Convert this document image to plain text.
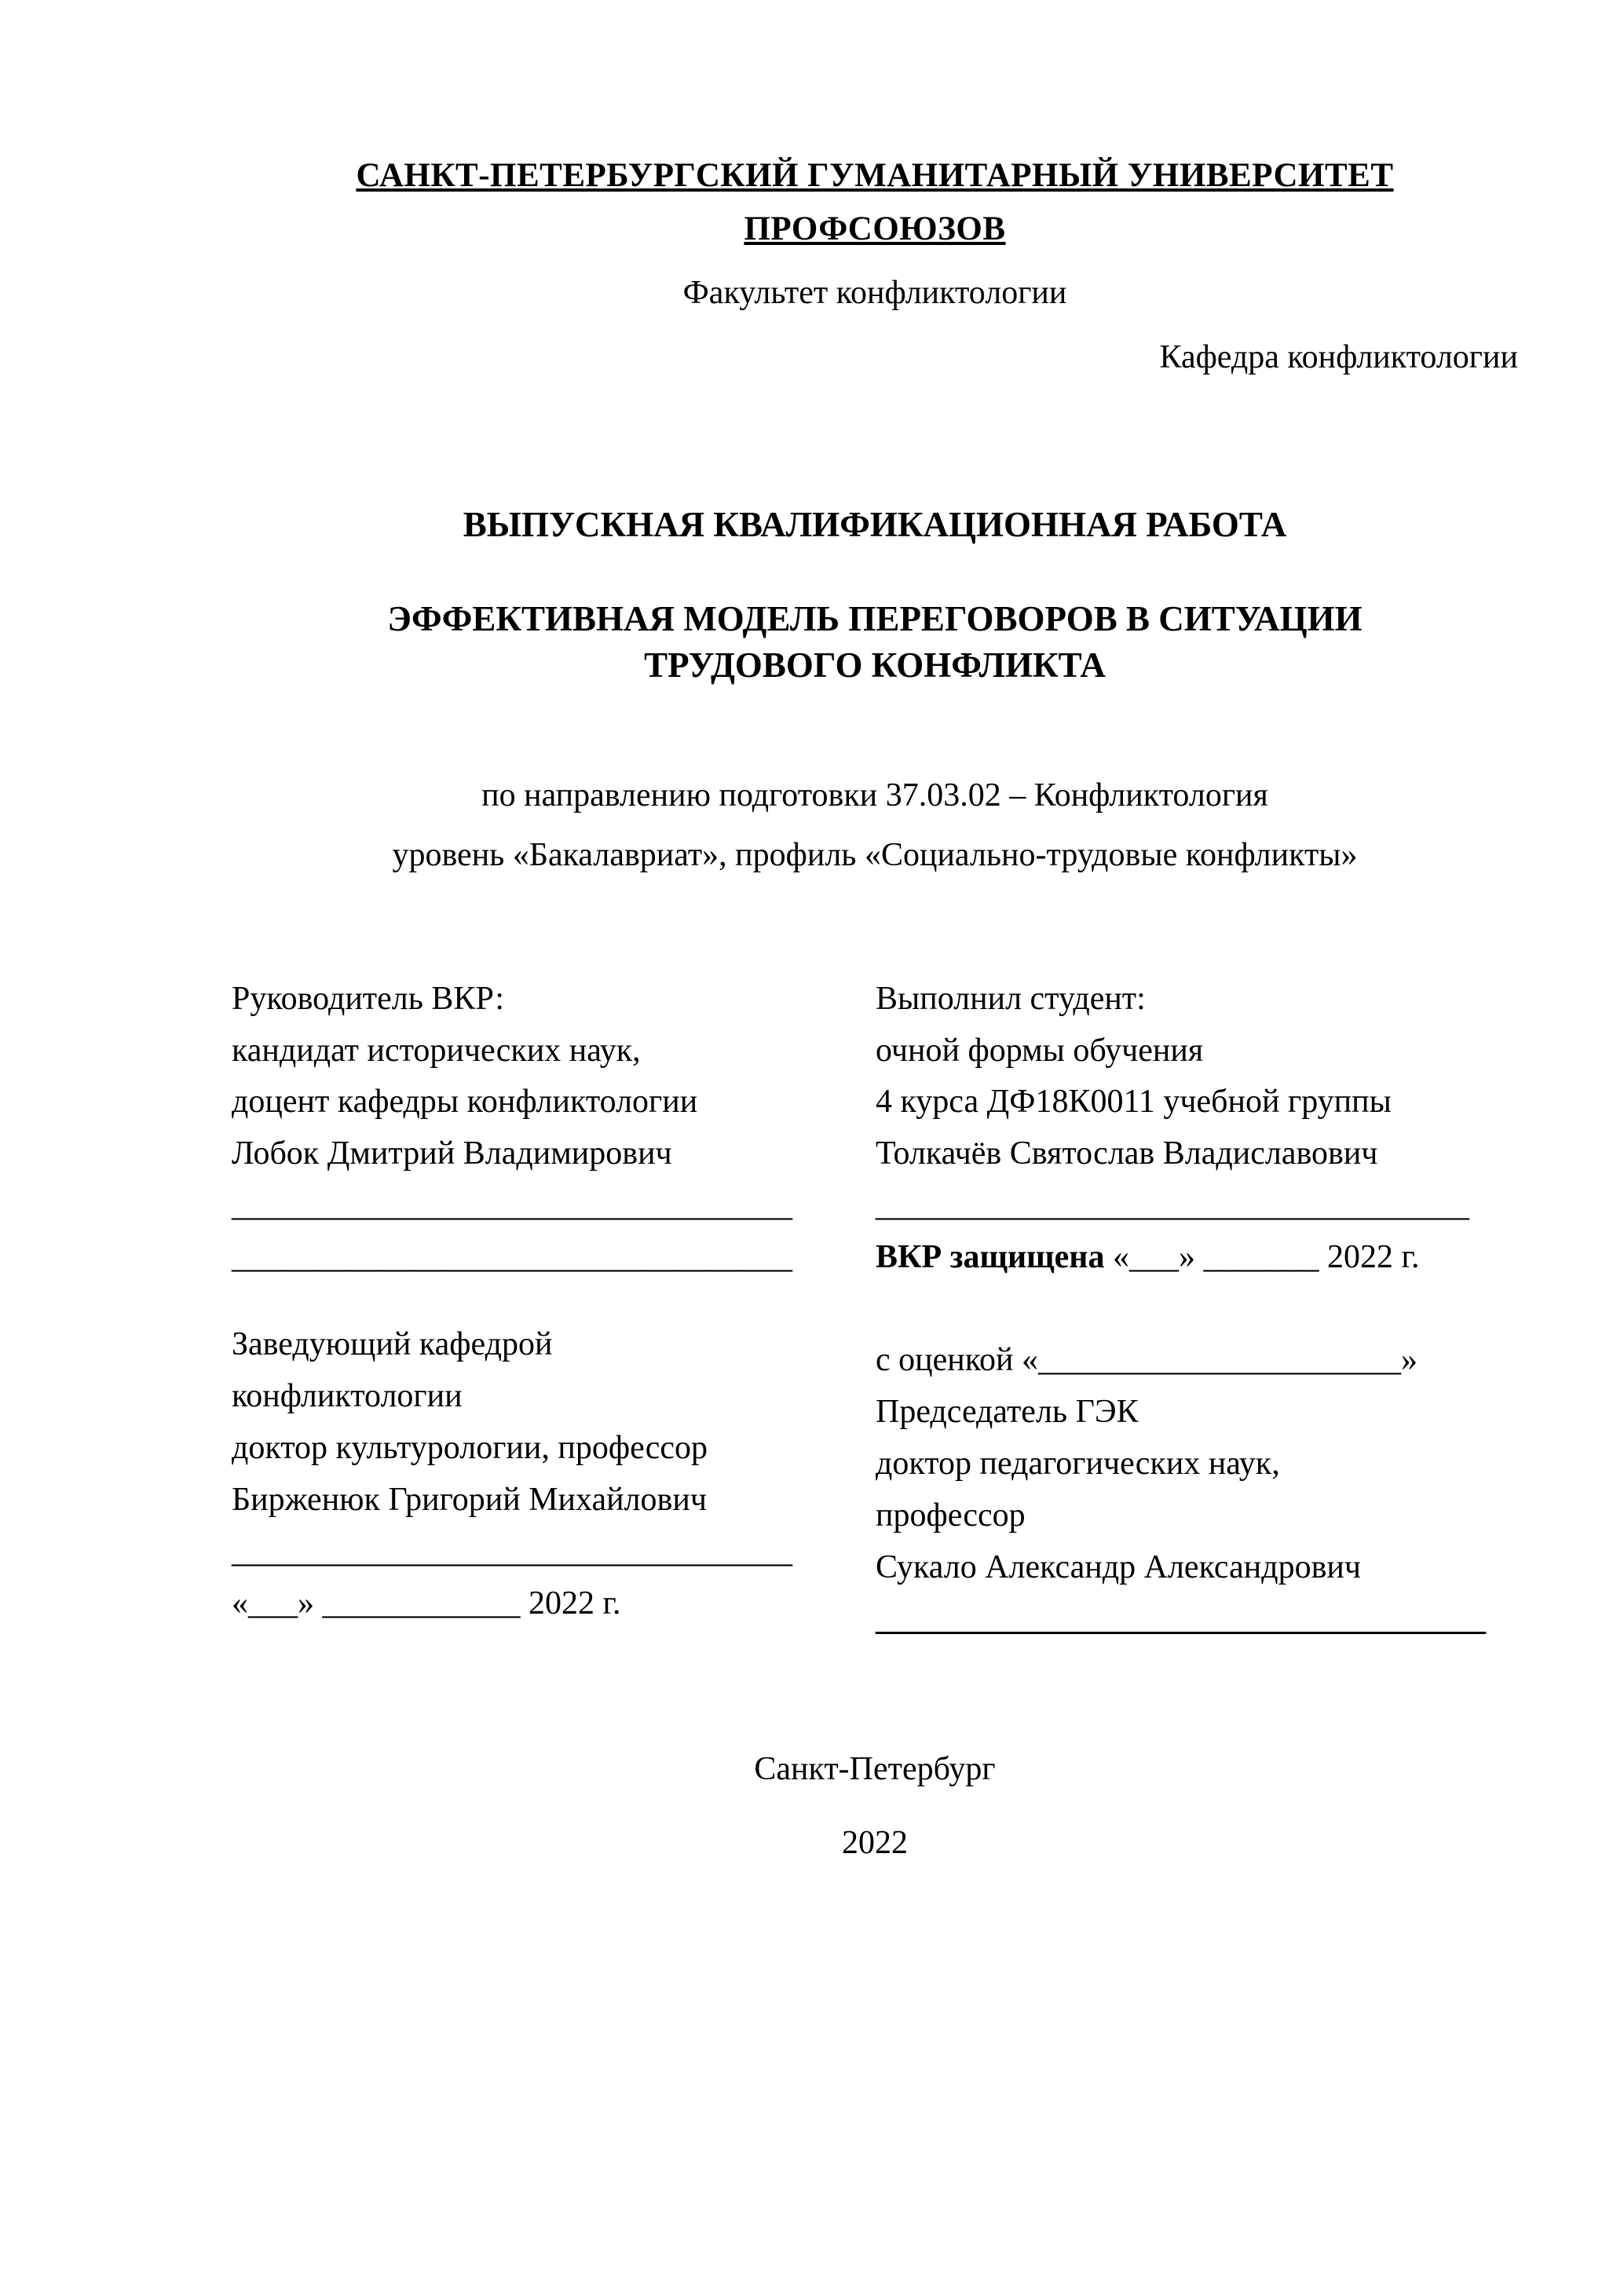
САНКТ-ПЕТЕРБУРГСКИЙ ГУМАНИТАРНЫЙ УНИВЕРСИТЕТ ПРОФСОЮЗОВ
Факультет конфликтологии
Кафедра конфликтологии
ВЫПУСКНАЯ КВАЛИФИКАЦИОННАЯ РАБОТА
ЭФФЕКТИВНАЯ МОДЕЛЬ ПЕРЕГОВОРОВ В СИТУАЦИИ
ТРУДОВОГО КОНФЛИКТА
по направлению подготовки 37.03.02 – Конфликтология
уровень «Бакалавриат», профиль «Социально-трудовые конфликты»

Руководитель ВКР:

кандидат исторических наук,

доцент кафедры конфликтологии

Лобок Дмитрий Владимирович

__________________________________

__________________________________

Заведующий кафедрой

конфликтологии

доктор культурологии, профессор

Бирженюк Григорий Михайлович

__________________________________

«___» ____________ 2022 г.

Выполнил студент:

очной формы обучения

4 курса ДФ18К0011 учебной группы

Толкачёв Святослав Владиславович

____________________________________

ВКР защищена «___» _______ 2022 г.

с оценкой «______________________»

Председатель ГЭК

доктор педагогических наук,

профессор

Сукало Александр Александрович

_____________________________________

Санкт-Петербург
2022
